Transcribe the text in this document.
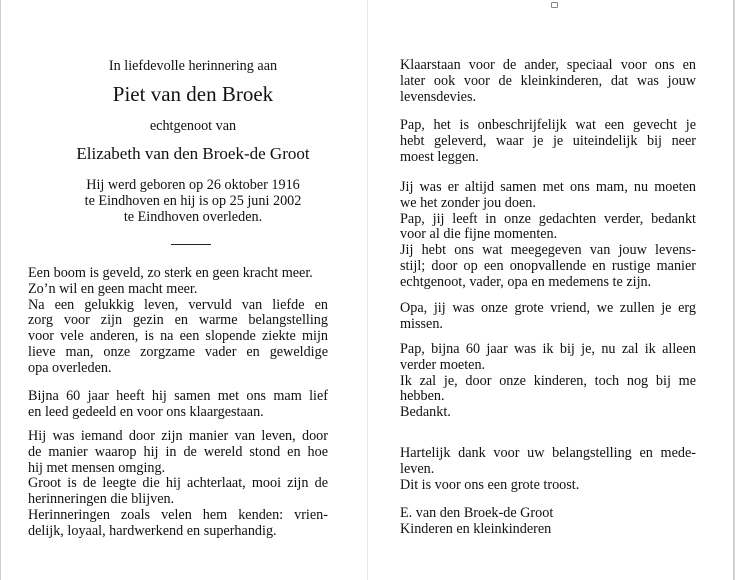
In liefdevolle herinnering aan

Piet van den Broek

echtgenoot van

Elizabeth van den Broek-de Groot

Hij werd geboren op 26 oktober 1916
te Eindhoven en hij is op 25 juni 2002
te Eindhoven overleden.

Een boom is geveld, zo sterk en geen kracht meer.
Zo’n wil en geen macht meer.
Na een gelukkig leven, vervuld van liefde en
zorg voor zijn gezin en warme belangstelling
voor vele anderen, is na een slopende ziekte mijn
lieve man, onze zorgzame vader en geweldige
opa overleden.

Bijna 60 jaar heeft hij samen met ons mam lief
en leed gedeeld en voor ons klaargestaan.

Hij was iemand door zijn manier van leven, door
de manier waarop hij in de wereld stond en hoe
hij met mensen omging.
Groot is de leegte die hij achterlaat, mooi zijn de
herinneringen die blijven.
Herinneringen zoals velen hem kenden: vrien-
delijk, loyaal, hardwerkend en superhandig.

Klaarstaan voor de ander, speciaal voor ons en
later ook voor de kleinkinderen, dat was jouw
levensdevies.

Pap, het is onbeschrijfelijk wat een gevecht je
hebt geleverd, waar je je uiteindelijk bij neer
moest leggen.

Jij was er altijd samen met ons mam, nu moeten
we het zonder jou doen.
Pap, jij leeft in onze gedachten verder, bedankt
voor al die fijne momenten.
Jij hebt ons wat meegegeven van jouw levens-
stijl; door op een onopvallende en rustige manier
echtgenoot, vader, opa en medemens te zijn.

Opa, jij was onze grote vriend, we zullen je erg
missen.

Pap, bijna 60 jaar was ik bij je, nu zal ik alleen
verder moeten.
Ik zal je, door onze kinderen, toch nog bij me
hebben.
Bedankt.

Hartelijk dank voor uw belangstelling en mede-
leven.
Dit is voor ons een grote troost.

E. van den Broek-de Groot
Kinderen en kleinkinderen
